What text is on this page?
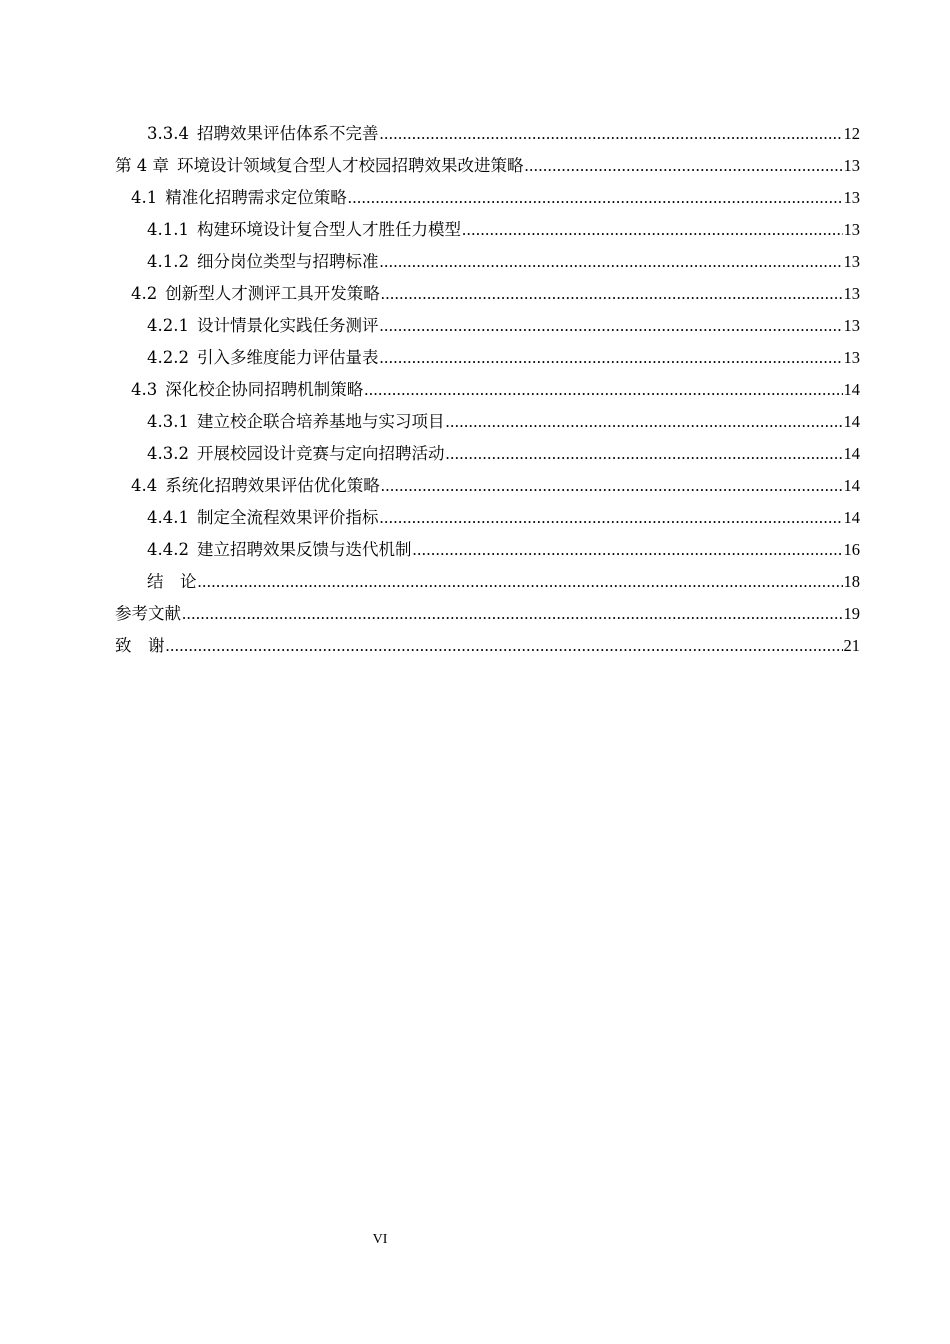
3.3.4 招聘效果评估体系不完善 .....	12
第 4 章 环境设计领域复合型人才校园招聘效果改进策略 .....	13
4.1 精准化招聘需求定位策略 .....	13
4.1.1 构建环境设计复合型人才胜任力模型 .....	13
4.1.2 细分岗位类型与招聘标准 .....	13
4.2 创新型人才测评工具开发策略 .....	13
4.2.1 设计情景化实践任务测评 .....	13
4.2.2 引入多维度能力评估量表 .....	13
4.3 深化校企协同招聘机制策略 .....	14
4.3.1 建立校企联合培养基地与实习项目 .....	14
4.3.2 开展校园设计竞赛与定向招聘活动 .....	14
4.4 系统化招聘效果评估优化策略 .....	14
4.4.1 制定全流程效果评价指标 .....	14
4.4.2 建立招聘效果反馈与迭代机制 .....	16
结　论 .....	18
参考文献 .....	19
致　谢 .....	21
VI
